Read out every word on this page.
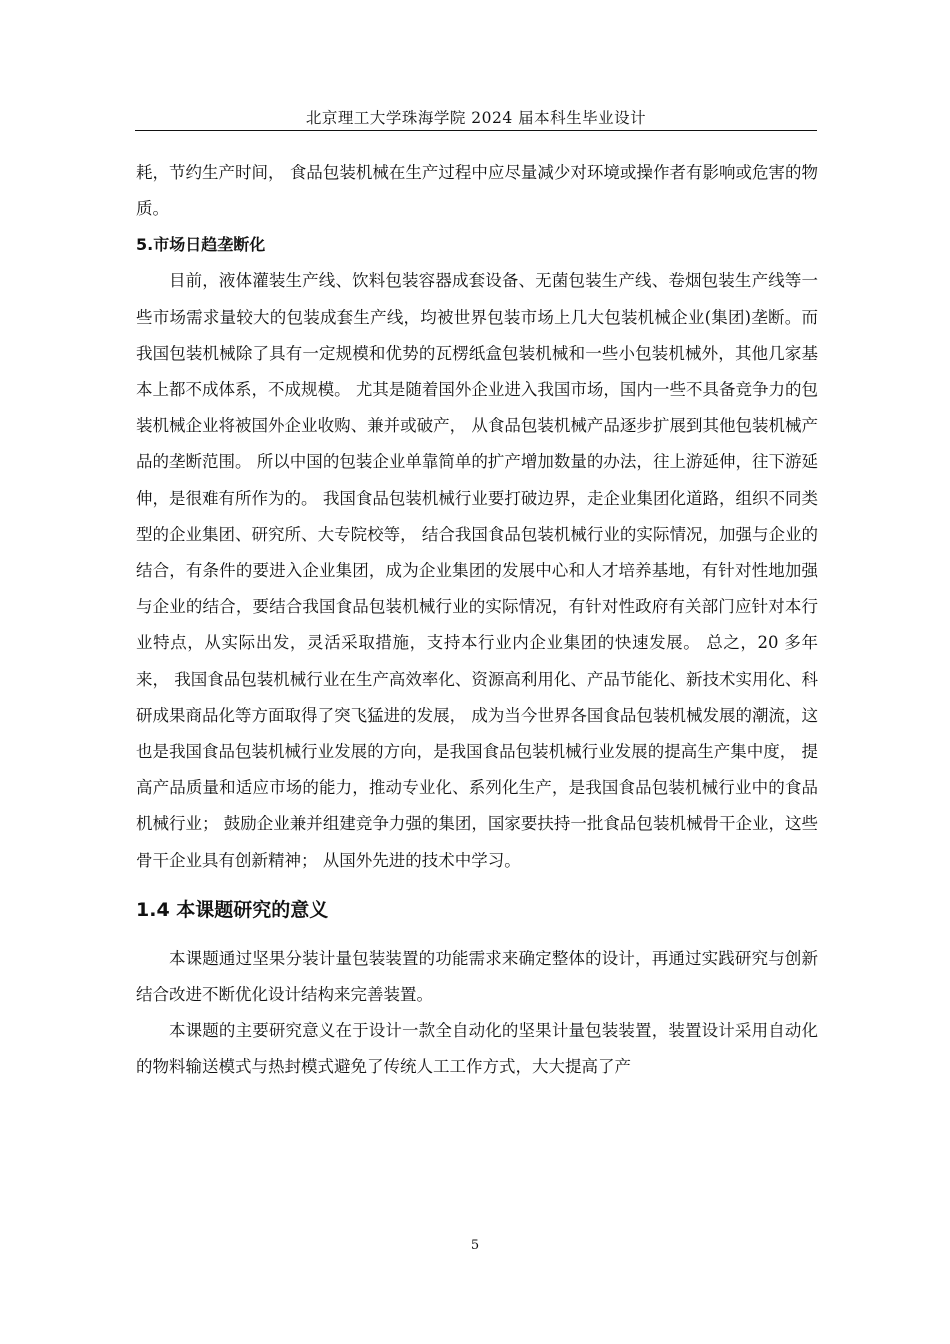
北京理工大学珠海学院 2024 届本科生毕业设计

耗，节约生产时间， 食品包装机械在生产过程中应尽量减少对环境或操作者有影响或危害的物质。

5.市场日趋垄断化

目前，液体灌装生产线、饮料包装容器成套设备、无菌包装生产线、卷烟包装生产线等一些市场需求量较大的包装成套生产线，均被世界包装市场上几大包装机械企业(集团)垄断。而我国包装机械除了具有一定规模和优势的瓦楞纸盒包装机械和一些小包装机械外，其他几家基本上都不成体系，不成规模。 尤其是随着国外企业进入我国市场，国内一些不具备竞争力的包装机械企业将被国外企业收购、兼并或破产， 从食品包装机械产品逐步扩展到其他包装机械产品的垄断范围。 所以中国的包装企业单靠简单的扩产增加数量的办法，往上游延伸，往下游延伸，是很难有所作为的。 我国食品包装机械行业要打破边界，走企业集团化道路，组织不同类型的企业集团、研究所、大专院校等， 结合我国食品包装机械行业的实际情况，加强与企业的结合，有条件的要进入企业集团，成为企业集团的发展中心和人才培养基地，有针对性地加强与企业的结合，要结合我国食品包装机械行业的实际情况，有针对性政府有关部门应针对本行业特点，从实际出发，灵活采取措施，支持本行业内企业集团的快速发展。 总之，20 多年来， 我国食品包装机械行业在生产高效率化、资源高利用化、产品节能化、新技术实用化、科研成果商品化等方面取得了突飞猛进的发展， 成为当今世界各国食品包装机械发展的潮流，这也是我国食品包装机械行业发展的方向，是我国食品包装机械行业发展的提高生产集中度， 提高产品质量和适应市场的能力，推动专业化、系列化生产，是我国食品包装机械行业中的食品机械行业； 鼓励企业兼并组建竞争力强的集团，国家要扶持一批食品包装机械骨干企业，这些骨干企业具有创新精神； 从国外先进的技术中学习。

1.4 本课题研究的意义

本课题通过坚果分装计量包装装置的功能需求来确定整体的设计，再通过实践研究与创新结合改进不断优化设计结构来完善装置。

本课题的主要研究意义在于设计一款全自动化的坚果计量包装装置，装置设计采用自动化的物料输送模式与热封模式避免了传统人工工作方式，大大提高了产

5
